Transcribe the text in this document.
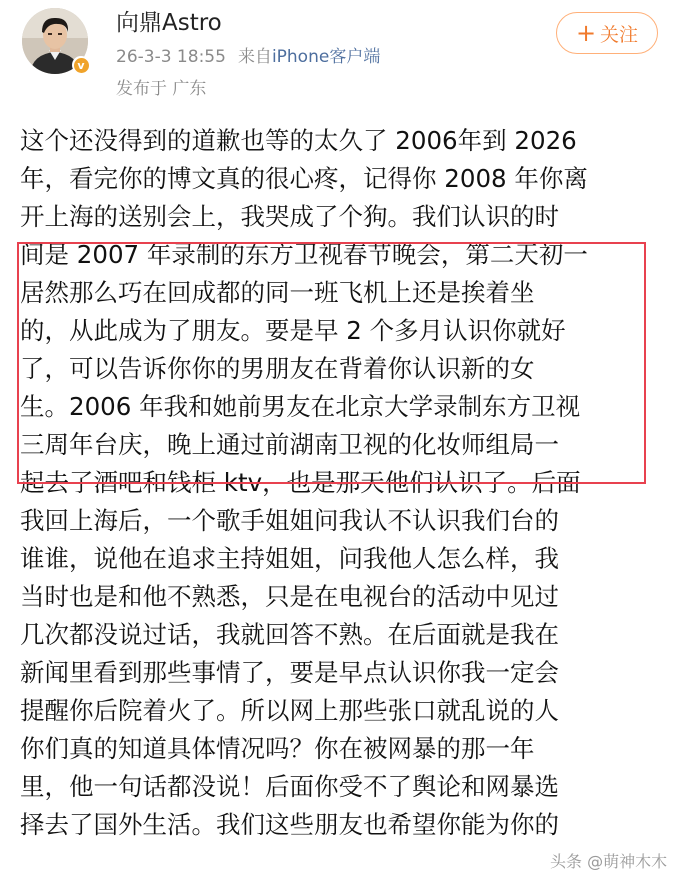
v
向鼎Astro
26-3-3 18:55 来自iPhone客户端
发布于 广东
+ 关注
这个还没得到的道歉也等的太久了 2006年到 2026
年，看完你的博文真的很心疼，记得你 2008 年你离
开上海的送别会上，我哭成了个狗。我们认识的时
间是 2007 年录制的东方卫视春节晚会，第二天初一
居然那么巧在回成都的同一班飞机上还是挨着坐
的，从此成为了朋友。要是早 2 个多月认识你就好
了，可以告诉你你的男朋友在背着你认识新的女
生。2006 年我和她前男友在北京大学录制东方卫视
三周年台庆，晚上通过前湖南卫视的化妆师组局一
起去了酒吧和钱柜 ktv，也是那天他们认识了。后面
我回上海后，一个歌手姐姐问我认不认识我们台的
谁谁，说他在追求主持姐姐，问我他人怎么样，我
当时也是和他不熟悉，只是在电视台的活动中见过
几次都没说过话，我就回答不熟。在后面就是我在
新闻里看到那些事情了，要是早点认识你我一定会
提醒你后院着火了。所以网上那些张口就乱说的人
你们真的知道具体情况吗？你在被网暴的那一年
里，他一句话都没说！后面你受不了舆论和网暴选
择去了国外生活。我们这些朋友也希望你能为你的
头条 @萌神木木
